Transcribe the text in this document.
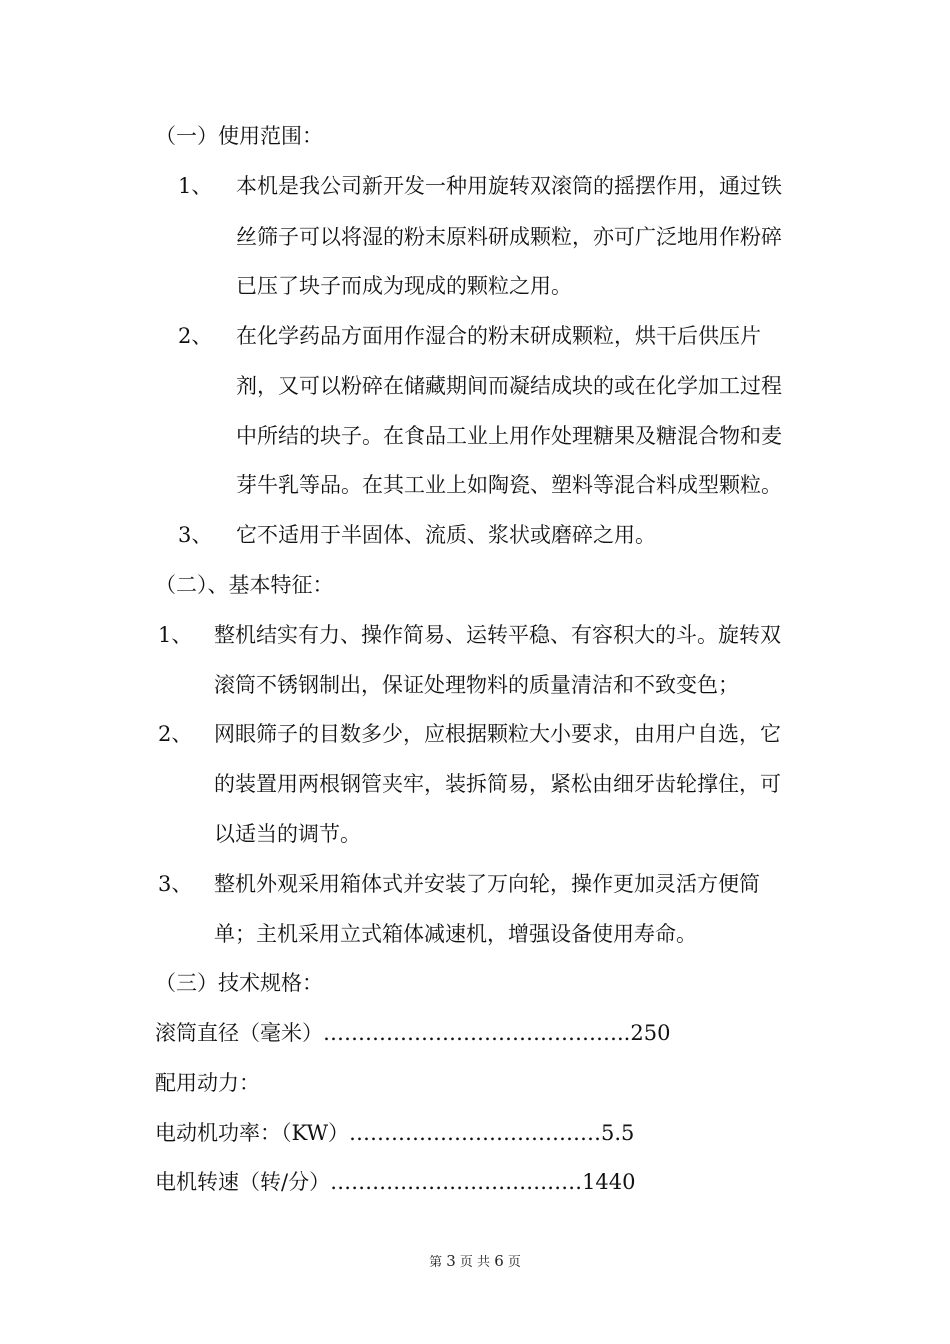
（一）使用范围：
1、 本机是我公司新开发一种用旋转双滚筒的摇摆作用，通过铁
丝筛子可以将湿的粉末原料研成颗粒，亦可广泛地用作粉碎
已压了块子而成为现成的颗粒之用。
2、 在化学药品方面用作湿合的粉末研成颗粒，烘干后供压片
剂，又可以粉碎在储藏期间而凝结成块的或在化学加工过程
中所结的块子。在食品工业上用作处理糖果及糖混合物和麦
芽牛乳等品。在其工业上如陶瓷、塑料等混合料成型颗粒。
3、 它不适用于半固体、流质、浆状或磨碎之用。
（二）、基本特征：
1、 整机结实有力、操作简易、运转平稳、有容积大的斗。旋转双
滚筒不锈钢制出，保证处理物料的质量清洁和不致变色；
2、 网眼筛子的目数多少，应根据颗粒大小要求，由用户自选，它
的装置用两根钢管夹牢，装拆简易，紧松由细牙齿轮撑住，可
以适当的调节。
3、 整机外观采用箱体式并安装了万向轮，操作更加灵活方便简
单；主机采用立式箱体减速机，增强设备使用寿命。
（三）技术规格：
滚筒直径（毫米）……………………………………..250
配用动力：
电动机功率：（KW）………………………………5.5
电机转速（转/分）………………………………1440
第 3 页 共 6 页
